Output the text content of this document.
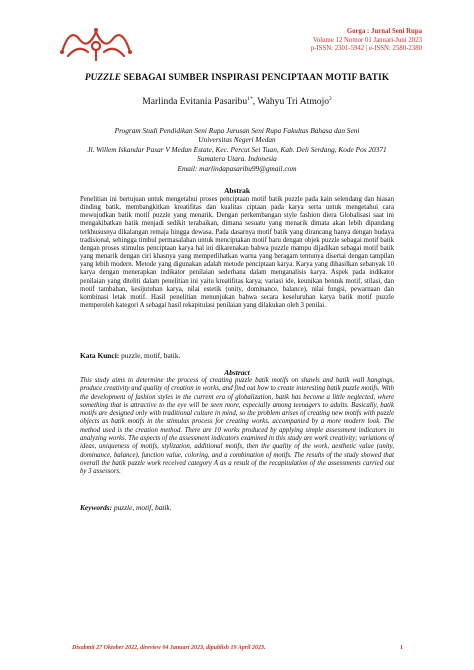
Gorga : Jurnal Seni Rupa
Volume 12 Nomor 01 Januari-Juni 2023
p-ISSN: 2301-5942 | e-ISSN: 2580-2380
PUZZLE SEBAGAI SUMBER INSPIRASI PENCIPTAAN MOTIF BATIK
Marlinda Evitania Pasaribu$^{1*}$, Wahyu Tri Atmojo$^2$
Program Studi Pendidikan Seni Rupa Jurusan Seni Rupa Fakultas Bahasa dan Seni
Universitas Negeri Medan
Jl. Willem Iskandar Pasar V Medan Estate, Kec. Percut Sei Tuan, Kab. Deli Serdang, Kode Pos 20371
Sumatera Utara. Indonesia
Email: marlindapasaribu99@gmail.com
Abstrak

Penelitian ini bertujuan untuk mengetahui proses penciptaan motif batik puzzle pada kain selendang dan hiasan dinding batik, membangkitkan kreatifitas dan kualitas ciptaan pada karya serta untuk mengetahui cara mewujudkan batik motif puzzle yang menarik. Dengan perkembangan style fashion diera Globalisasi saat ini mengakibatkan batik menjadi sedikit terabaikan, dimana sesuatu yang menarik dimata akan lebih dipandang terkhususnya dikalangan remaja hingga dewasa. Pada dasarnya motif batik yang dirancang hanya dengan budaya tradisional, sehingga timbul permasalahan untuk menciptakan motif baru dengan objek puzzle sebagai motif batik dengan proses stimulus penciptaan karya hal ini dikarenakan bahwa puzzle mampu dijadikan sebagai motif batik yang menarik dengan ciri khasnya yang memperlihatkan warna yang beragam tentunya disertai dengan tampilan yang lebih modern. Metode yang digunakan adalah metode penciptaan karya. Karya yang dihasilkan sebanyak 10 karya dengan menerapkan indikator penilaian sederhana dalam menganalisis karya. Aspek pada indikator penilaian yang diteliti dalam penelitian ini yaitu kreatifitas karya; variasi ide, keunikan bentuk motif, stilasi, dan motif tambahan, kesijutuhan karya, nilai estetik (unity, dominance, balance), nilai fungsi, pewarnaan dan kombinasi letak motif. Hasil penelitian menunjukan bahwa secara keseluruhan karya batik motif puzzle memperoleh kategori A sebagai hasil rekapitulasi penilaian yang dilakukan oleh 3 penilai.

Kata Kunci: puzzle, motif, batik.
Abstract
This study aims to determine the process of creating puzzle batik motifs on shawls and batik wall hangings, produce creativity and quality of creation in works, and find out how to create interesting batik puzzle motifs. With the development of fashion styles in the current era of globalization, batik has become a little neglected, where something that is attractive to the eye will be seen more, especially among teenagers to adults. Basically, batik motifs are designed only with traditional culture in mind, so the problem arises of creating new motifs with puzzle objects as batik motifs in the stimulus process for creating works. accompanied by a more modern look. The method used is the creation method. There are 10 works produced by applying simple assessment indicators in analyzing works. The aspects of the assessment indicators examined in this study are work creativity; variations of ideas, uniqueness of motifs, stylization, additional motifs, then the quality of the work, aesthetic value (unity, dominance, balance), function value, coloring, and a combination of motifs. The results of the study showed that overall the batik puzzle work received category A as a result of the recapitulation of the assessments carried out by 3 assessors.
Keywords: puzzle, motif, batik.
Disubmit 27 Oktober 2022, direview 04 Januari 2023, dipublish 19 April 2023.	1
